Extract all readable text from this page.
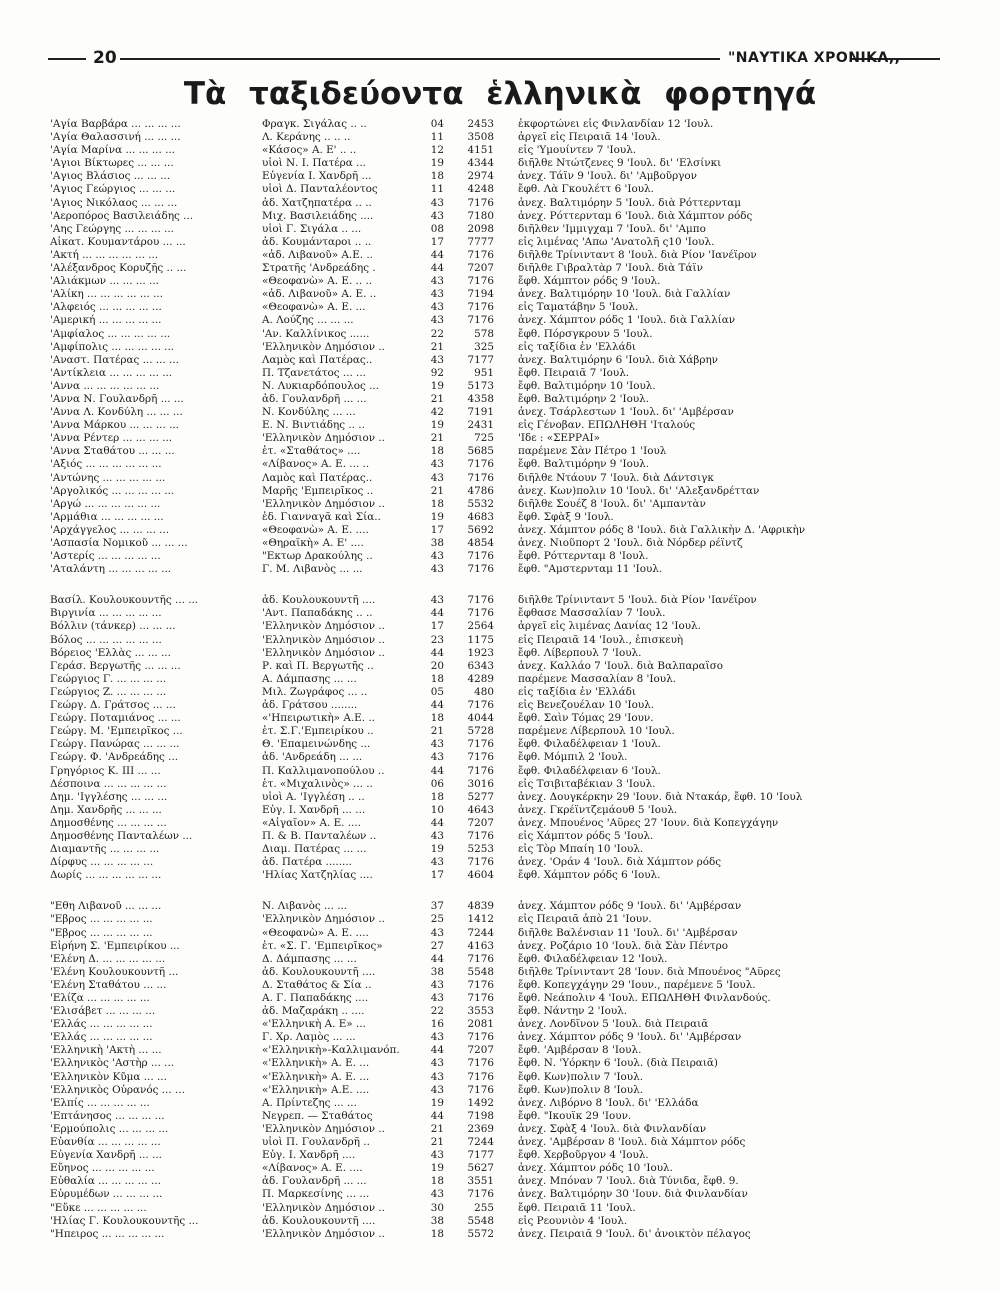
20	"ΝΑΥΤΙΚΑ ΧΡΟΝΙΚΑ,,
Τὰ ταξιδεύοντα ἑλληνικὰ φορτηγά
'Αγία Βαρβάρα ... ... ... ...	Φραγκ. Σιγάλας .. ..	04	2453	ἐκφορτώνει εἰς Φινλανδίαν 12 'Ιουλ.
'Αγία Θαλασσινή ... ... ...	Λ. Κεράνης .. .. ..	11	3508	ἀργεῖ εἰς Πειραιᾶ 14 'Ιουλ.
'Αγία Μαρίνα ... ... ... ...	«Κάσος» Α. Ε' .. ..	12	4151	εἰς 'Υμουίντεν 7 'Ιουλ.
'Αγιοι Βίκτωρες ... ... ...	υἱοὶ Ν. Ι. Πατέρα ...	19	4344	διῆλθε Ντώτζενες 9 'Ιουλ. δι' 'Ελσίνκι
'Αγιος Βλάσιος ... ... ...	Εὐγενία Ι. Χανδρῆ ...	18	2974	ἀνεχ. Τάϊν 9 'Ιουλ. δι' 'Αμβοῦργον
'Αγιος Γεώργιος ... ... ...	υἱοὶ Δ. Πανταλέοντος	11	4248	ἔφθ. Λὰ Γκουλέττ 6 'Ιουλ.
'Αγιος Νικόλαος ... ... ...	ἀδ. Χατζηπατέρα .. ..	43	7176	ἀνεχ. Βαλτιμόρην 5 'Ιουλ. διὰ Ρόττερνταμ
'Αεροπόρος Βασιλειάδης ...	Μιχ. Βασιλειάδης ....	43	7180	ἀνεχ. Ρόττερνταμ 6 'Ιουλ. διὰ Χάμπτον ρόδς
'Αης Γεώργης ... ... ... ...	υἱοὶ Γ. Σιγάλα .. ...	08	2098	διῆλθεν 'Ιμμιγχαμ 7 'Ιουλ. δι' 'Αμπο
Αἰκατ. Κουμαντάρου ... ...	ἀδ. Κουμάνταροι .. ..	17	7777	εἰς λιμένας 'Απω 'Ανατολῆ ς10 'Ιουλ.
'Ακτή ... ... ... ... ... ...	«ἀδ. Λιβανοῦ» Α.Ε. ..	44	7176	διῆλθε Τρίνινταντ 8 'Ιουλ. διὰ Ρίον 'Ιανέϊρον
'Αλέξανδρος Κορυζῆς .. ...	Στρατῆς 'Ανδρεάδης .	44	7207	διῆλθε Γιβραλτὰρ 7 'Ιουλ. διὰ Τάϊν
'Αλιάκμων ... ... ... ...	«Θεοφανὼ» Α. Ε. .. ..	43	7176	ἔφθ. Χάμπτον ρόδς 9 'Ιουλ.
'Αλίκη ... ... ... ... ... ...	«ἀδ. Λιβανοῦ» Α. Ε. ..	43	7194	ἀνεχ. Βαλτιμόρην 10 'Ιουλ. διὰ Γαλλίαν
'Αλφειός ... ... ... ... ...	«Θεοφανὼ» Α. Ε. ...	43	7176	εἰς Ταματάβην 5 'Ιουλ.
'Αμερική ... ... ... ... ...	Α. Λούζης ... ... ...	43	7176	ἀνεχ. Χάμπτον ρόδς 1 'Ιουλ. διὰ Γαλλίαν
'Αμφίαλος ... ... ... ... ...	'Αν. Καλλίνικος ......	22	578	ἔφθ. Πόρσγκρουν 5 'Ιουλ.
'Αμφίπολις ... ... ... ... ...	'Ελληνικὸν Δημόσιον ..	21	325	εἰς ταξίδια ἐν 'Ελλάδι
'Αναστ. Πατέρας ... ... ...	Λαμὸς καὶ Πατέρας..	43	7177	ἀνεχ. Βαλτιμόρην 6 'Ιουλ. διὰ Χάβρην
'Αντίκλεια ... ... ... ... ...	Π. Τζανετάτος ... ...	92	951	ἔφθ. Πειραιᾶ 7 'Ιουλ.
'Αννα ... ... ... ... ... ...	Ν. Λυκιαρδόπουλος ...	19	5173	ἔφθ. Βαλτιμόρην 10 'Ιουλ.
'Αννα Ν. Γουλανδρῆ ... ...	ἀδ. Γουλανδρῆ ... ...	21	4358	ἔφθ. Βαλτιμόρην 2 'Ιουλ.
'Αννα Λ. Κονδύλη ... ... ...	Ν. Κονδύλης ... ...	42	7191	ἀνεχ. Τσάρλεστων 1 'Ιουλ. δι' 'Αμβέρσαν
'Αννα Μάρκου ... ... ... ...	Ε. Ν. Βιντιάδης .. ..	19	2431	εἰς Γένοβαν. ΕΠΩΛΗΘΗ 'Ιταλούς
'Αννα Ρέντερ ... ... ... ...	'Ελληνικὸν Δημόσιον ..	21	725	'Ιδε : «ΣΕΡΡΑΙ»
'Αννα Σταθάτου ... ... ...	ἑτ. «Σταθάτος» ....	18	5685	παρέμενε Σὰν Πέτρο 1 'Ιουλ
'Αξιός ... ... ... ... ... ...	«Λίβανος» Α. Ε. ... ..	43	7176	ἔφθ. Βαλτιμόρην 9 'Ιουλ.
'Αντώνης ... ... ... ... ...	Λαμὸς καὶ Πατέρας..	43	7176	διῆλθε Ντάουν 7 'Ιουλ. διὰ Δάντσιγκ
'Αργολικός ... ... ... ... ...	Μαρῆς 'Εμπειρῖκος ..	21	4786	ἀνεχ. Κων)πολιν 10 'Ιουλ. δι' 'Αλεξανδρέτταν
'Αργώ ... ... ... ... ... ...	'Ελληνικὸν Δημόσιον ..	18	5532	διῆλθε Σουέζ 8 'Ιουλ. δι' 'Αμπαντὰν
'Αρμάθια ... ... ... ... ...	ἑδ. Γιανναγᾶ καὶ Σία..	19	4683	ἔφθ. Σφὰξ 9 'Ιουλ.
'Αρχάγγελος ... ... ... ...	«Θεοφανὼ» Α. Ε. ....	17	5692	ἀνεχ. Χάμπτον ρόδς 8 'Ιουλ. διὰ Γαλλικὴν Δ. 'Αφρικὴν
'Ασπασία Νομικοῦ ... ... ...	«Θηραϊκὴ» Α. Ε' ....	38	4854	ἀνεχ. Νιοῦπορτ 2 'Ιουλ. διὰ Νόρδερ ρέϊντζ
'Αστερίς ... ... ... ... ...	"Εκτωρ Δρακούλης ..	43	7176	ἔφθ. Ρόττερνταμ 8 'Ιουλ.
'Αταλάντη ... ... ... ... ...	Γ. Μ. Λιβανὸς ... ...	43	7176	ἔφθ. "Αμστερνταμ 11 'Ιουλ.
Βασίλ. Κουλουκουντῆς ... ...	ἀδ. Κουλουκουντῆ ....	43	7176	διῆλθε Τρίνινταντ 5 'Ιουλ. διὰ Ρίον 'Ιανέϊρον
Βιργινία ... ... ... ... ...	'Αντ. Παπαδάκης .. ..	44	7176	ἔφθασε Μασσαλίαν 7 'Ιουλ.
Βόλλιν (τάνκερ) ... ... ...	'Ελληνικὸν Δημόσιον ..	17	2564	ἀργεῖ εἰς λιμένας Δανίας 12 'Ιουλ.
Βόλος ... ... ... ... ... ...	'Ελληνικὸν Δημόσιον ..	23	1175	εἰς Πειραιᾶ 14 'Ιουλ., ἐπισκευὴ
Βόρειος 'Ελλὰς ... ... ...	'Ελληνικὸν Δημόσιον ..	44	1923	ἔφθ. Λίβερπουλ 7 'Ιουλ.
Γεράσ. Βεργωτῆς ... ... ...	Ρ. καὶ Π. Βεργωτῆς ..	20	6343	ἀνεχ. Καλλάο 7 'Ιουλ. διὰ Βαλπαραΐσο
Γεώργιος Γ. ... ... ... ...	Α. Δάμπασης ... ...	18	4289	παρέμενε Μασσαλίαν 8 'Ιουλ.
Γεώργιος Ζ. ... ... ... ...	Μιλ. Ζωγράφος ... ..	05	480	εἰς ταξίδια ἐν 'Ελλάδι
Γεώργ. Δ. Γράτσος ... ...	ἀδ. Γράτσου ........	44	7176	εἰς Βενεζουέλαν 10 'Ιουλ.
Γεώργ. Ποταμιάνος ... ...	«'Ηπειρωτικὴ» Α.Ε. ..	18	4044	ἔφθ. Σαὶν Τόμας 29 'Ιουν.
Γεώργ. Μ. 'Εμπειρῖκος ...	ἑτ. Σ.Γ.'Εμπειρίκου ..	21	5728	παρέμενε Λίβερπουλ 10 'Ιουλ.
Γεώργ. Πανώρας ... ... ...	Θ. 'Επαμεινώνδης ...	43	7176	ἔφθ. Φιλαδέλφειαν 1 'Ιουλ.
Γεώργ. Φ. 'Ανδρεάδης ...	ἀδ. 'Ανδρεάδη ... ...	43	7176	ἔφθ. Μόμπιλ 2 'Ιουλ.
Γρηγόριος Κ. ΙΙΙ ... ...	Π. Καλλιμανοπούλου ..	44	7176	ἔφθ. Φιλαδέλφειαν 6 'Ιουλ.
Δέσποινα ... ... ... ... ...	ἑτ. «Μιχαλινὸς» ... ..	06	3016	εἰς Τσιβιταβέκιαν 3 'Ιουλ.
Δημ. 'Ιγγλέσης ... ... ...	υἱοὶ Α. 'Ιγγλέση .. ..	18	5277	ἀνεχ. Δουγκέρκην 29 'Ιουν. διὰ Ντακάρ, ἔφθ. 10 'Ιουλ
Δημ. Χανδρῆς ... ... ...	Εὐγ. Ι. Χανδρῆ ... ...	10	4643	ἀνεχ. Γκρέϊντζεμάουθ 5 'Ιουλ.
Δημοσθένης ... ... ... ...	«Αἰγαῖον» Α. Ε. ....	44	7207	ἀνεχ. Μπουένος 'Αϋρες 27 'Ιουν. διὰ Κοπεγχάγην
Δημοσθένης Πανταλέων ...	Π. & Β. Πανταλέων ..	43	7176	εἰς Χάμπτον ρόδς 5 'Ιουλ.
Διαμαντῆς ... ... ... ...	Διαμ. Πατέρας ... ...	19	5253	εἰς Τὸρ Μπαίη 10 'Ιουλ.
Δίρφυς ... ... ... ... ...	ἀδ. Πατέρα ........	43	7176	ἀνεχ. 'Οράν 4 'Ιουλ. διὰ Χάμπτον ρόδς
Δωρίς ... ... ... ... ... ...	'Ηλίας Χατζηλίας ....	17	4604	ἔφθ. Χάμπτον ρόδς 6 'Ιουλ.
"Εθη Λιβανοῦ ... ... ...	Ν. Λιβανὸς ... ...	37	4839	ἀνεχ. Χάμπτον ρόδς 9 'Ιουλ. δι' 'Αμβέρσαν
"Εβρος ... ... ... ... ...	'Ελληνικὸν Δημόσιον ..	25	1412	εἰς Πειραιᾶ ἀπὸ 21 'Ιουν.
"Εβρος ... ... ... ... ...	«Θεοφανὼ» Α. Ε. ....	43	7244	διῆλθε Βαλένσιαν 11 'Ιουλ. δι' 'Αμβέρσαν
Εἰρήνη Σ. 'Εμπειρίκου ...	ἑτ. «Σ. Γ. 'Εμπειρῖκος»	27	4163	ἀνεχ. Ροζάριο 10 'Ιουλ. διὰ Σὰν Πέντρο
'Ελένη Δ. ... ... ... ... ...	Δ. Δάμπασης ... ...	44	7176	ἔφθ. Φιλαδέλφειαν 12 'Ιουλ.
'Ελένη Κουλουκουντῆ ...	ἀδ. Κουλουκουντῆ ....	38	5548	διῆλθε Τρίνινταντ 28 'Ιουν. διὰ Μπουένος "Αϋρες
'Ελένη Σταθάτου ... ...	Δ. Σταθάτος & Σία ..	43	7176	ἔφθ. Κοπεγχάγην 29 'Ιουν., παρέμενε 5 'Ιουλ.
'Ελίζα ... ... ... ... ...	Α. Γ. Παπαδάκης ....	43	7176	ἔφθ. Νεάπολιν 4 'Ιουλ. ΕΠΩΛΗΘΗ Φινλανδούς.
'Ελισάβετ ... ... ... ...	ἀδ. Μαζαράκη .. ....	22	3553	ἔφθ. Νάντην 2 'Ιουλ.
'Ελλάς ... ... ... ... ...	«'Ελληνικὴ Α. Ε» ...	16	2081	ἀνεχ. Λονδῖνον 5 'Ιουλ. διὰ Πειραιᾶ
'Ελλάς ... ... ... ... ...	Γ. Χρ. Λαμὸς ... ...	43	7176	ἀνεχ. Χάμπτον ρόδς 9 'Ιουλ. δι' 'Αμβέρσαν
'Ελληνικὴ 'Ακτὴ ... ...	«'Ελληνικὴ»-Καλλιμανόπ.	44	7207	ἔφθ. 'Αμβέρσαν 8 'Ιουλ.
'Ελληνικὸς 'Αστὴρ ... ...	«'Ελληνικὴ» Α. Ε. ...	43	7176	ἔφθ. Ν. 'Υόρκην 6 'Ιουλ. (διὰ Πειραιᾶ)
'Ελληνικὸν Κῦμα ... ...	«'Ελληνικὴ» Α. Ε. ...	43	7176	ἔφθ. Κων)πολιν 7 'Ιουλ.
'Ελληνικὸς Οὐρανός ... ...	«'Ελληνικὴ» Α.Ε. ....	43	7176	ἔφθ. Κων)πολιν 8 'Ιουλ.
'Ελπίς ... ... ... ... ...	Α. Πρίντεζης ... ...	19	1492	ἀνεχ. Λιβόρνο 8 'Ιουλ. δι' 'Ελλάδα
'Επτάνησος ... ... ... ...	Νεγρεπ. — Σταθάτος	44	7198	ἔφθ. "Ικουϊκ 29 'Ιουν.
'Ερμούπολις ... ... ... ...	'Ελληνικὸν Δημόσιον ..	21	2369	ἀνεχ. Σφὰξ 4 'Ιουλ. διὰ Φινλανδίαν
Εὐανθία ... ... ... ... ...	υἱοὶ Π. Γουλανδρῆ ..	21	7244	ἀνεχ. 'Αμβέρσαν 8 'Ιουλ. διὰ Χάμπτον ρόδς
Εὐγενία Χανδρῆ ... ...	Εὐγ. Ι. Χανδρῆ ....	43	7177	ἔφθ. Χερβοῦργον 4 'Ιουλ.
Εὔηνος ... ... ... ... ...	«Λίβανος» Α. Ε. ....	19	5627	ἀνεχ. Χάμπτον ρόδς 10 'Ιουλ.
Εὐθαλία ... ... ... ... ...	ἀδ. Γουλανδρῆ ... ...	18	3551	ἀνεχ. Μπόναν 7 'Ιουλ. διὰ Τύνιδα, ἔφθ. 9.
Εὐρυμέδων ... ... ... ...	Π. Μαρκεσίνης ... ...	43	7176	ἀνεχ. Βαλτιμόρην 30 'Ιουν. διὰ Φινλανδίαν
"Εὔκε ... ... ... ... ...	'Ελληνικὸν Δημόσιον ..	30	255	ἔφθ. Πειραιᾶ 11 'Ιουλ.
'Ηλίας Γ. Κουλουκουντῆς ...	ἀδ. Κουλουκουντῆ ....	38	5548	εἰς Ρεουνιὸν 4 'Ιουλ.
"Ηπειρος ... ... ... ... ...	'Ελληνικὸν Δημόσιον ..	18	5572	ἀνεχ. Πειραιᾶ 9 'Ιουλ. δι' ἀνοικτὸν πέλαγος
